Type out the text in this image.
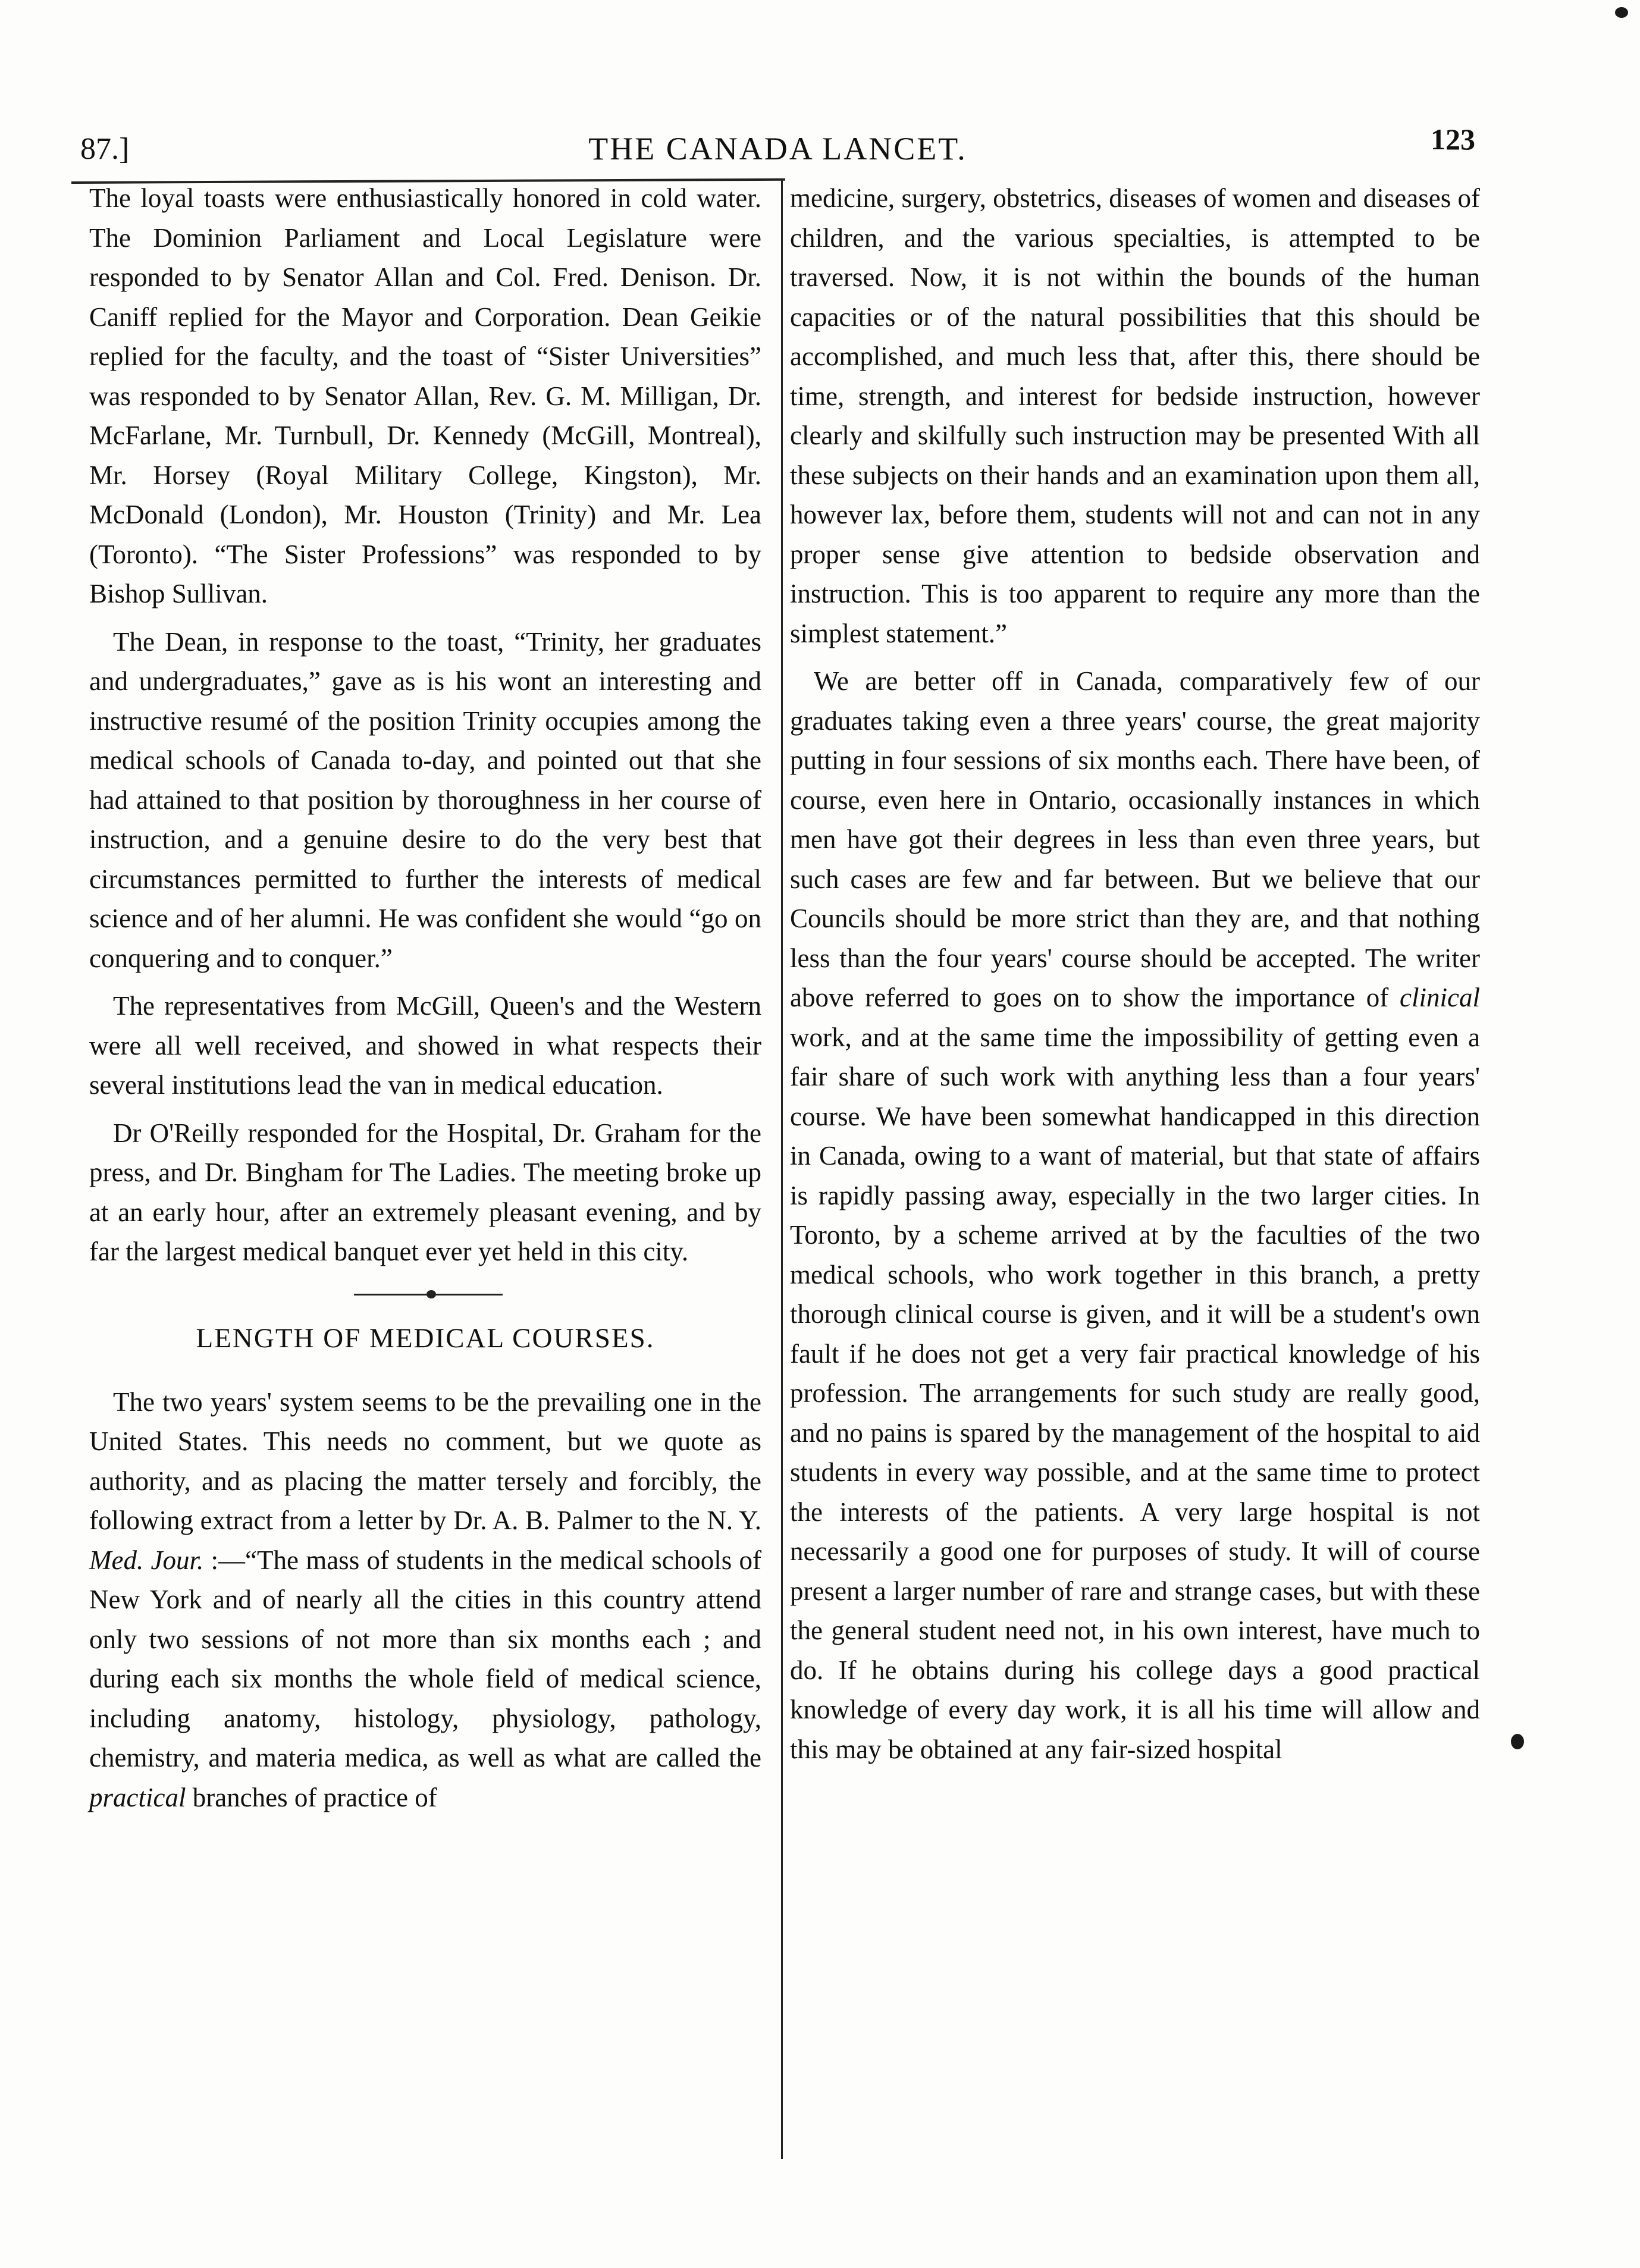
87.]	THE CANADA LANCET.	123

The loyal toasts were enthusiastically honored in cold water. The Dominion Parliament and Local Legislature were responded to by Senator Allan and Col. Fred. Denison. Dr. Caniff replied for the Mayor and Corporation. Dean Geikie replied for the faculty, and the toast of “Sister Universities” was responded to by Senator Allan, Rev. G. M. Milligan, Dr. McFarlane, Mr. Turnbull, Dr. Kennedy (McGill, Montreal), Mr. Horsey (Royal Military College, Kingston), Mr. McDonald (London), Mr. Houston (Trinity) and Mr. Lea (Toronto). “The Sister Professions” was responded to by Bishop Sullivan.

The Dean, in response to the toast, “Trinity, her graduates and undergraduates,” gave as is his wont an interesting and instructive resumé of the position Trinity occupies among the medical schools of Canada to-day, and pointed out that she had attained to that position by thoroughness in her course of instruction, and a genuine desire to do the very best that circumstances permitted to further the interests of medical science and of her alumni. He was confident she would “go on conquering and to conquer.”

The representatives from McGill, Queen's and the Western were all well received, and showed in what respects their several institutions lead the van in medical education.

Dr O'Reilly responded for the Hospital, Dr. Graham for the press, and Dr. Bingham for The Ladies. The meeting broke up at an early hour, after an extremely pleasant evening, and by far the largest medical banquet ever yet held in this city.

LENGTH OF MEDICAL COURSES.

The two years' system seems to be the prevailing one in the United States. This needs no comment, but we quote as authority, and as placing the matter tersely and forcibly, the following extract from a letter by Dr. A. B. Palmer to the N. Y. Med. Jour. :—“The mass of students in the medical schools of New York and of nearly all the cities in this country attend only two sessions of not more than six months each ; and during each six months the whole field of medical science, including anatomy, histology, physiology, pathology, chemistry, and materia medica, as well as what are called the practical branches of practice of

medicine, surgery, obstetrics, diseases of women and diseases of children, and the various specialties, is attempted to be traversed. Now, it is not within the bounds of the human capacities or of the natural possibilities that this should be accomplished, and much less that, after this, there should be time, strength, and interest for bedside instruction, however clearly and skilfully such instruction may be presented With all these subjects on their hands and an examination upon them all, however lax, before them, students will not and can not in any proper sense give attention to bedside observation and instruction. This is too apparent to require any more than the simplest statement.”

We are better off in Canada, comparatively few of our graduates taking even a three years' course, the great majority putting in four sessions of six months each. There have been, of course, even here in Ontario, occasionally instances in which men have got their degrees in less than even three years, but such cases are few and far between. But we believe that our Councils should be more strict than they are, and that nothing less than the four years' course should be accepted. The writer above referred to goes on to show the importance of clinical work, and at the same time the impossibility of getting even a fair share of such work with anything less than a four years' course. We have been somewhat handicapped in this direction in Canada, owing to a want of material, but that state of affairs is rapidly passing away, especially in the two larger cities. In Toronto, by a scheme arrived at by the faculties of the two medical schools, who work together in this branch, a pretty thorough clinical course is given, and it will be a student's own fault if he does not get a very fair practical knowledge of his profession. The arrangements for such study are really good, and no pains is spared by the management of the hospital to aid students in every way possible, and at the same time to protect the interests of the patients. A very large hospital is not necessarily a good one for purposes of study. It will of course present a larger number of rare and strange cases, but with these the general student need not, in his own interest, have much to do. If he obtains during his college days a good practical knowledge of every day work, it is all his time will allow and this may be obtained at any fair-sized hospital
